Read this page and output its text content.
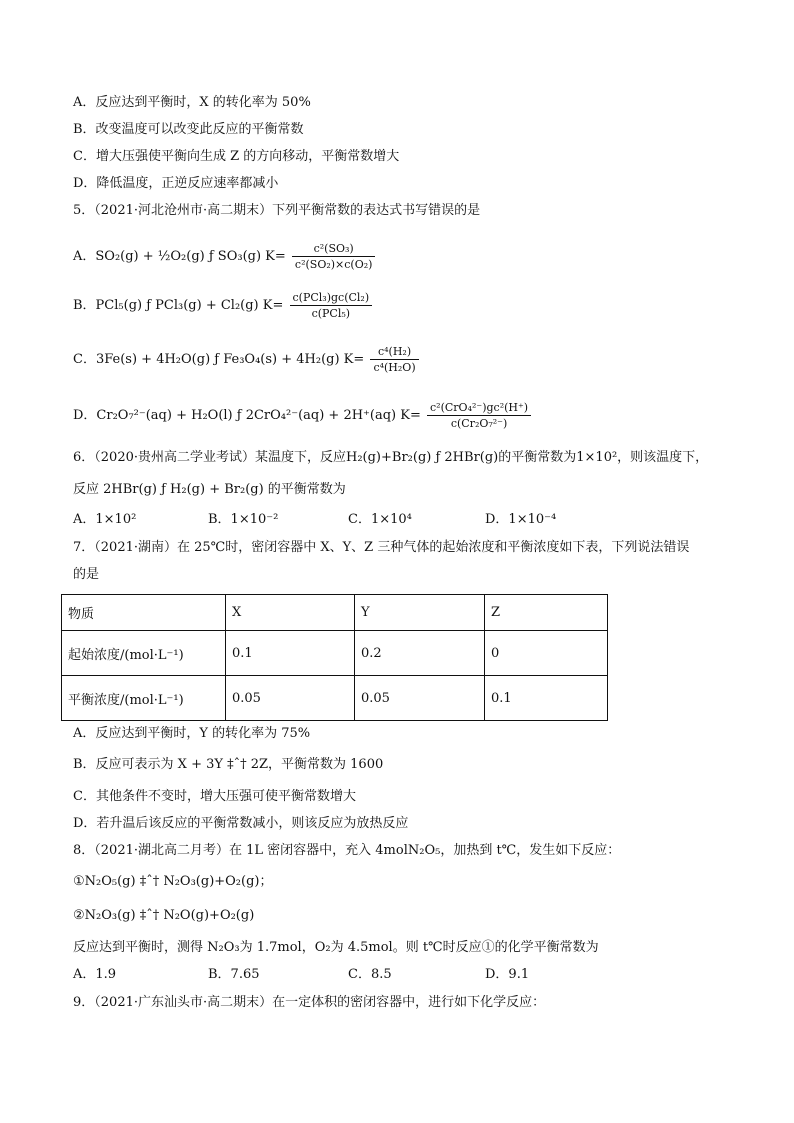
A．反应达到平衡时，X 的转化率为 50%
B．改变温度可以改变此反应的平衡常数
C．增大压强使平衡向生成 Z 的方向移动，平衡常数增大
D．降低温度，正逆反应速率都减小
5．（2021·河北沧州市·高二期末）下列平衡常数的表达式书写错误的是
A．SO₂(g) + ½O₂(g) ƒ SO₃(g) $K= \frac{\text{c²(SO₃)}}{\text{c²(SO₂)×c(O₂)}}$
B．PCl₅(g) ƒ PCl₃(g) + Cl₂(g) $K= \frac{\text{c(PCl₃)gc(Cl₂)}}{\text{c(PCl₅)}}$
C．3Fe(s) + 4H₂O(g) ƒ Fe₃O₄(s) + 4H₂(g) $K= \frac{\text{c⁴(H₂)}}{\text{c⁴(H₂O)}}$
D．Cr₂O₇²⁻(aq) + H₂O(l) ƒ 2CrO₄²⁻(aq) + 2H⁺(aq) $K= \frac{\text{c²(CrO₄²⁻)gc²(H⁺)}}{\text{c(Cr₂O₇²⁻)}}$
6．（2020·贵州高二学业考试）某温度下，反应H₂(g)+Br₂(g) ƒ 2HBr(g)的平衡常数为1×10²，则该温度下，
反应 2HBr(g) ƒ H₂(g) + Br₂(g) 的平衡常数为
A．1×10²	B．1×10⁻²	C．1×10⁴	D．1×10⁻⁴
7．（2021·湖南）在 25℃时，密闭容器中 X、Y、Z 三种气体的起始浓度和平衡浓度如下表，下列说法错误
的是
物质	X	Y	Z
起始浓度/(mol·L⁻¹)	0.1	0.2	0
平衡浓度/(mol·L⁻¹)	0.05	0.05	0.1
A．反应达到平衡时，Y 的转化率为 75%
B．反应可表示为 X + 3Y ‡ˆ† 2Z，平衡常数为 1600
C．其他条件不变时，增大压强可使平衡常数增大
D．若升温后该反应的平衡常数减小，则该反应为放热反应
8．（2021·湖北高二月考）在 1L 密闭容器中，充入 4molN₂O₅，加热到 t℃，发生如下反应：
①N₂O₅(g) ‡ˆ† N₂O₃(g)+O₂(g)；
②N₂O₃(g) ‡ˆ† N₂O(g)+O₂(g)
反应达到平衡时，测得 N₂O₃为 1.7mol，O₂为 4.5mol。则 t℃时反应①的化学平衡常数为
A．1.9	B．7.65	C．8.5	D．9.1
9．（2021·广东汕头市·高二期末）在一定体积的密闭容器中，进行如下化学反应：
